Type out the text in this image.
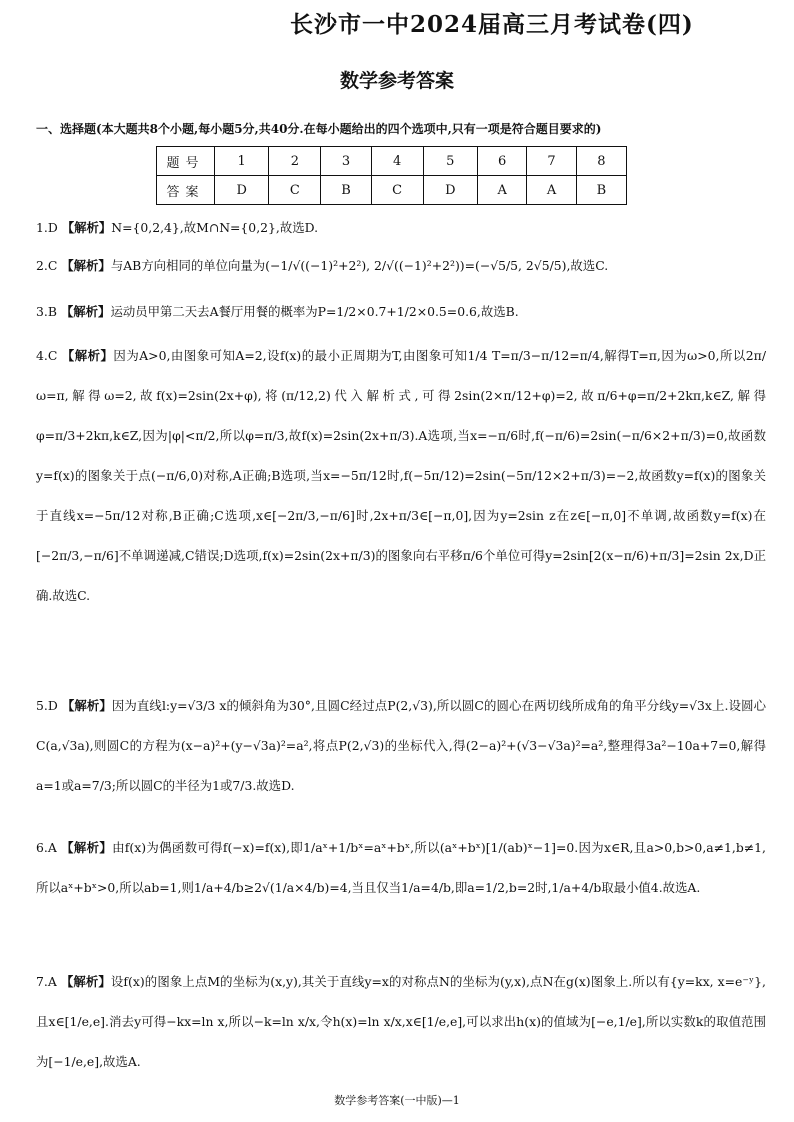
长沙市一中2024届高三月考试卷(四)
数学参考答案
一、选择题(本大题共8个小题,每小题5分,共40分.在每小题给出的四个选项中,只有一项是符合题目要求的)
题号	1	2	3	4	5	6	7	8
答案	D	C	B	C	D	A	A	B
1.D 【解析】N={0,2,4},故M∩N={0,2},故选D.
2.C 【解析】与AB方向相同的单位向量为(−1/√((−1)²+2²), 2/√((−1)²+2²))=(−√5/5, 2√5/5),故选C.
3.B 【解析】运动员甲第二天去A餐厅用餐的概率为P=1/2×0.7+1/2×0.5=0.6,故选B.
4.C 【解析】因为A>0,由图象可知A=2,设f(x)的最小正周期为T,由图象可知1/4 T=π/3−π/12=π/4,解得T=π,因为ω>0,所以2π/ω=π,解得ω=2,故f(x)=2sin(2x+φ),将(π/12,2)代入解析式,可得2sin(2×π/12+φ)=2,故π/6+φ=π/2+2kπ,k∈Z,解得φ=π/3+2kπ,k∈Z,因为|φ|<π/2,所以φ=π/3,故f(x)=2sin(2x+π/3).A选项,当x=−π/6时,f(−π/6)=2sin(−π/6×2+π/3)=0,故函数y=f(x)的图象关于点(−π/6,0)对称,A正确;B选项,当x=−5π/12时,f(−5π/12)=2sin(−5π/12×2+π/3)=−2,故函数y=f(x)的图象关于直线x=−5π/12对称,B正确;C选项,x∈[−2π/3,−π/6]时,2x+π/3∈[−π,0],因为y=2sin z在z∈[−π,0]不单调,故函数y=f(x)在[−2π/3,−π/6]不单调递减,C错误;D选项,f(x)=2sin(2x+π/3)的图象向右平移π/6个单位可得y=2sin[2(x−π/6)+π/3]=2sin 2x,D正确.故选C.
5.D 【解析】因为直线l:y=√3/3 x的倾斜角为30°,且圆C经过点P(2,√3),所以圆C的圆心在两切线所成角的角平分线y=√3x上.设圆心C(a,√3a),则圆C的方程为(x−a)²+(y−√3a)²=a²,将点P(2,√3)的坐标代入,得(2−a)²+(√3−√3a)²=a²,整理得3a²−10a+7=0,解得a=1或a=7/3;所以圆C的半径为1或7/3.故选D.
6.A 【解析】由f(x)为偶函数可得f(−x)=f(x),即1/aˣ+1/bˣ=aˣ+bˣ,所以(aˣ+bˣ)[1/(ab)ˣ−1]=0.因为x∈R,且a>0,b>0,a≠1,b≠1,所以aˣ+bˣ>0,所以ab=1,则1/a+4/b≥2√(1/a×4/b)=4,当且仅当1/a=4/b,即a=1/2,b=2时,1/a+4/b取最小值4.故选A.
7.A 【解析】设f(x)的图象上点M的坐标为(x,y),其关于直线y=x的对称点N的坐标为(y,x),点N在g(x)图象上.所以有{y=kx, x=e⁻ʸ},且x∈[1/e,e].消去y可得−kx=ln x,所以−k=ln x/x,令h(x)=ln x/x,x∈[1/e,e],可以求出h(x)的值域为[−e,1/e],所以实数k的取值范围为[−1/e,e],故选A.
数学参考答案(一中版)—1
